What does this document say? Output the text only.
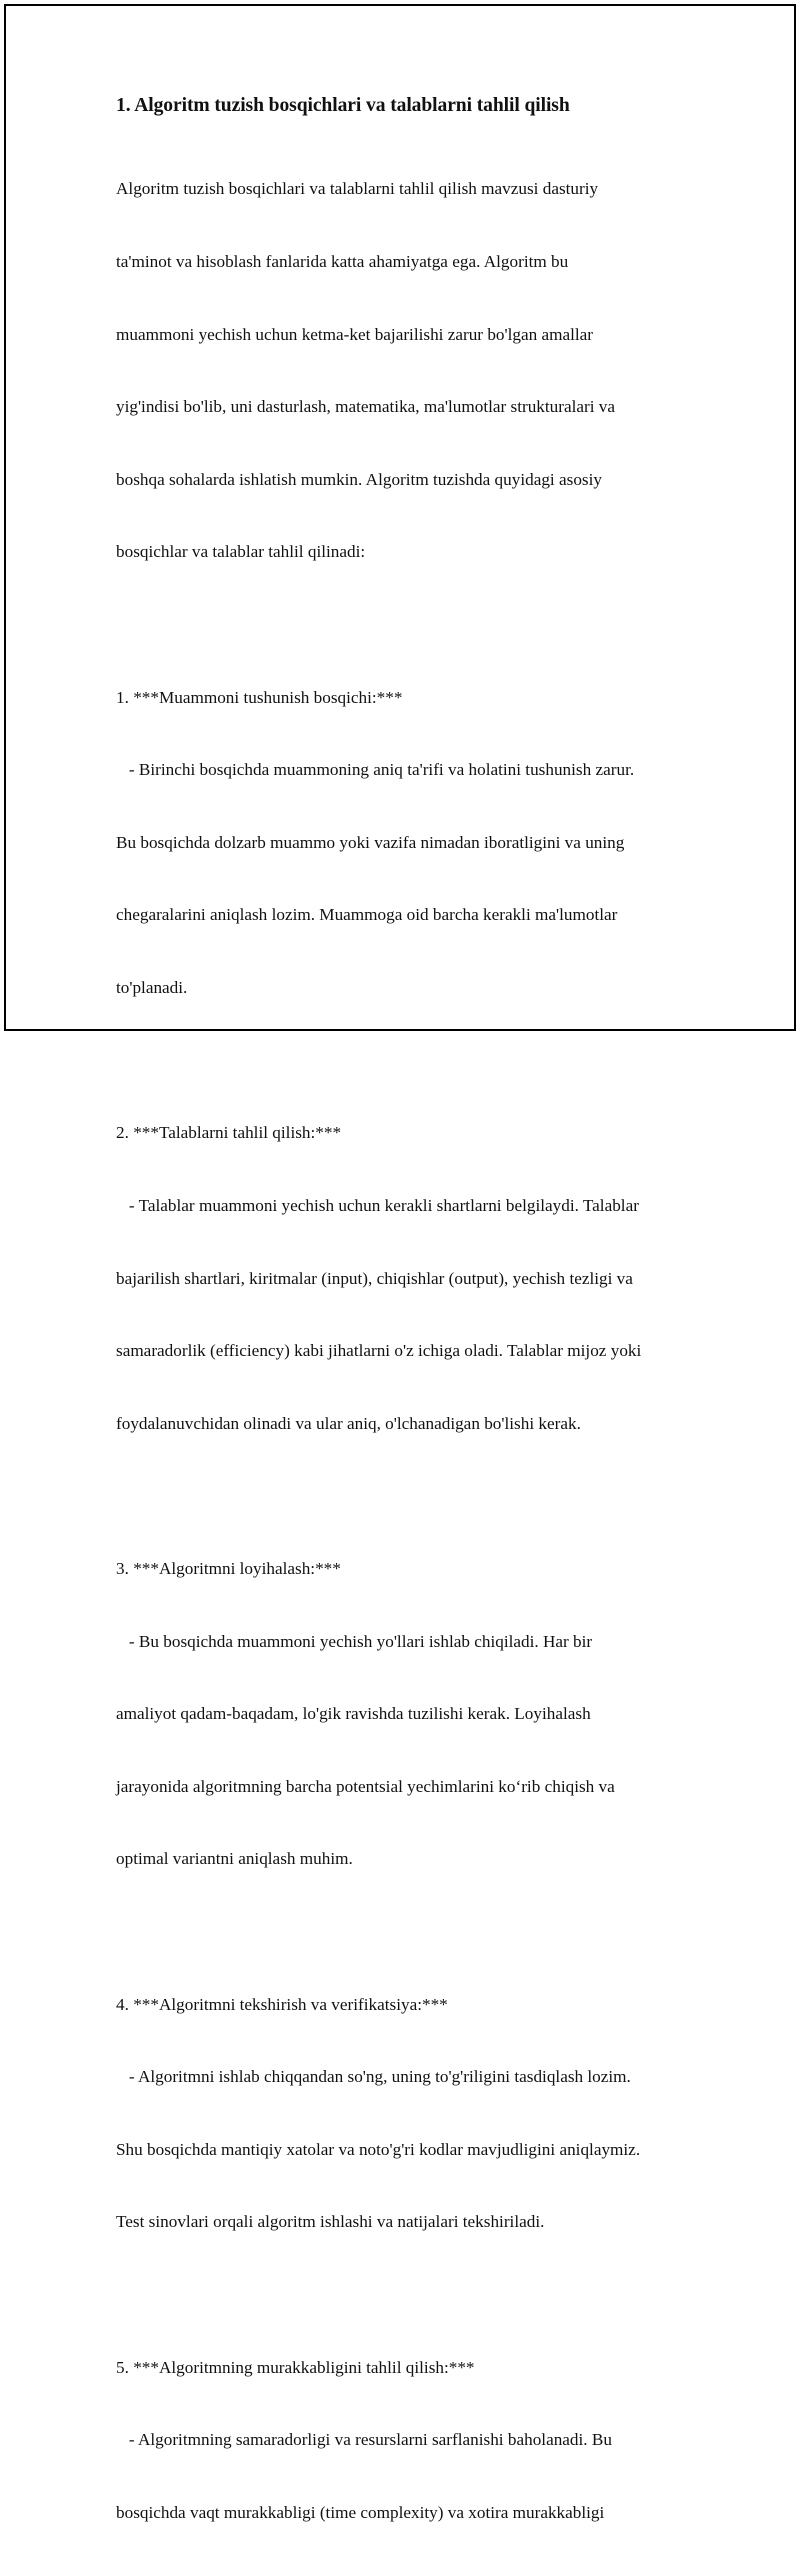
1. Algoritm tuzish bosqichlari va talablarni tahlil qilish

Algoritm tuzish bosqichlari va talablarni tahlil qilish mavzusi dasturiy

ta'minot va hisoblash fanlarida katta ahamiyatga ega. Algoritm bu

muammoni yechish uchun ketma-ket bajarilishi zarur bo'lgan amallar

yig'indisi bo'lib, uni dasturlash, matematika, ma'lumotlar strukturalari va

boshqa sohalarda ishlatish mumkin. Algoritm tuzishda quyidagi asosiy

bosqichlar va talablar tahlil qilinadi:

1. ***Muammoni tushunish bosqichi:***

- Birinchi bosqichda muammoning aniq ta'rifi va holatini tushunish zarur.

Bu bosqichda dolzarb muammo yoki vazifa nimadan iboratligini va uning

chegaralarini aniqlash lozim. Muammoga oid barcha kerakli ma'lumotlar

to'planadi.

2. ***Talablarni tahlil qilish:***

- Talablar muammoni yechish uchun kerakli shartlarni belgilaydi. Talablar

bajarilish shartlari, kiritmalar (input), chiqishlar (output), yechish tezligi va

samaradorlik (efficiency) kabi jihatlarni o'z ichiga oladi. Talablar mijoz yoki

foydalanuvchidan olinadi va ular aniq, o'lchanadigan bo'lishi kerak.

3. ***Algoritmni loyihalash:***

- Bu bosqichda muammoni yechish yo'llari ishlab chiqiladi. Har bir

amaliyot qadam-baqadam, lo'gik ravishda tuzilishi kerak. Loyihalash

jarayonida algoritmning barcha potentsial yechimlarini ko‘rib chiqish va

optimal variantni aniqlash muhim.

4. ***Algoritmni tekshirish va verifikatsiya:***

- Algoritmni ishlab chiqqandan so'ng, uning to'g'riligini tasdiqlash lozim.

Shu bosqichda mantiqiy xatolar va noto'g'ri kodlar mavjudligini aniqlaymiz.

Test sinovlari orqali algoritm ishlashi va natijalari tekshiriladi.

5. ***Algoritmning murakkabligini tahlil qilish:***

- Algoritmning samaradorligi va resurslarni sarflanishi baholanadi. Bu

bosqichda vaqt murakkabligi (time complexity) va xotira murakkabligi
